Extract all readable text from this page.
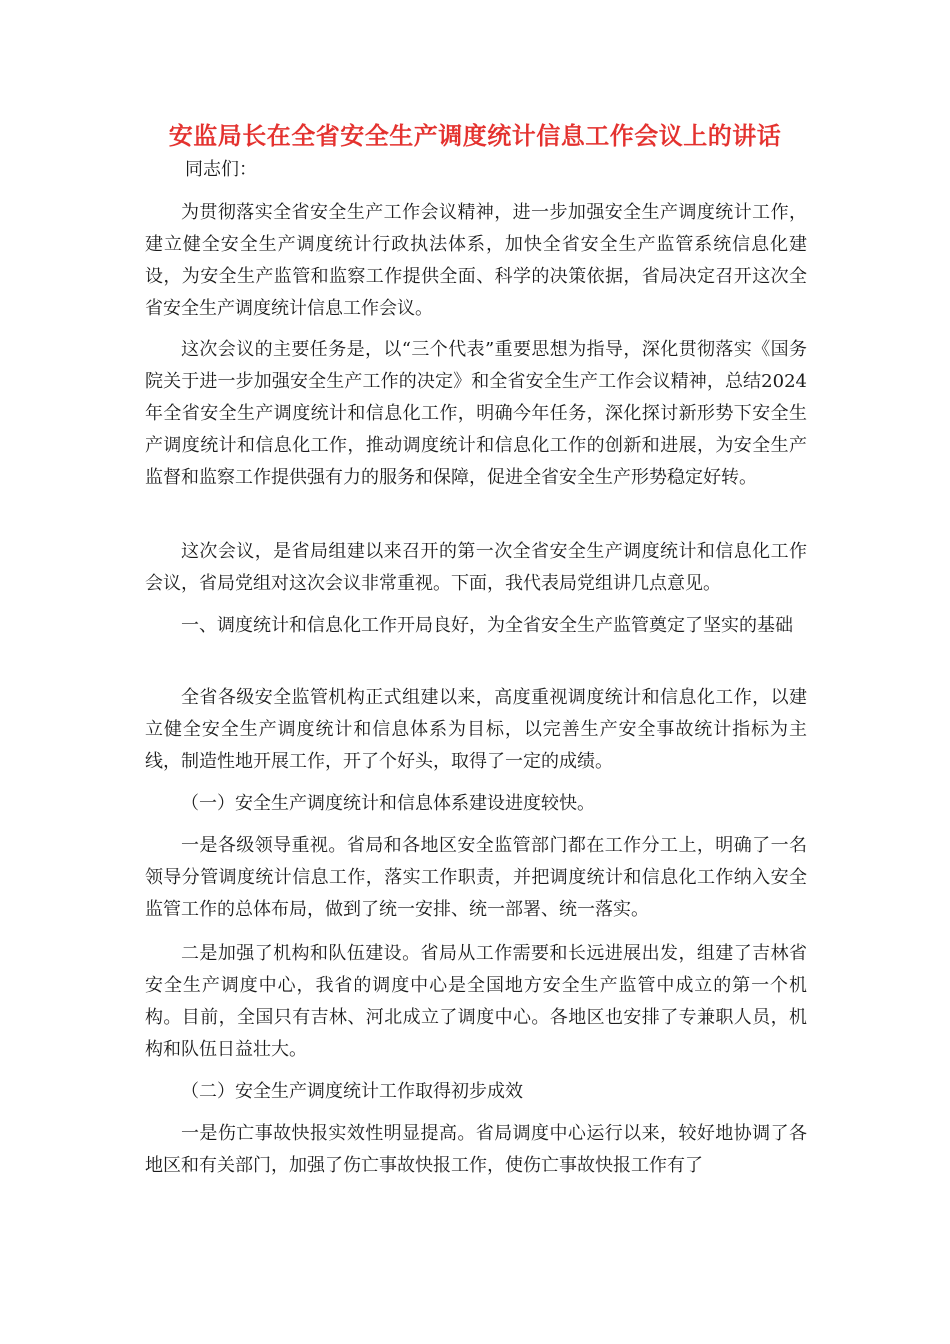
安监局长在全省安全生产调度统计信息工作会议上的讲话
同志们：

为贯彻落实全省安全生产工作会议精神，进一步加强安全生产调度统计工作，建立健全安全生产调度统计行政执法体系，加快全省安全生产监管系统信息化建设，为安全生产监管和监察工作提供全面、科学的决策依据，省局决定召开这次全省安全生产调度统计信息工作会议。

这次会议的主要任务是，以“三个代表”重要思想为指导，深化贯彻落实《国务院关于进一步加强安全生产工作的决定》和全省安全生产工作会议精神，总结2024年全省安全生产调度统计和信息化工作，明确今年任务，深化探讨新形势下安全生产调度统计和信息化工作，推动调度统计和信息化工作的创新和进展，为安全生产监督和监察工作提供强有力的服务和保障，促进全省安全生产形势稳定好转。

这次会议，是省局组建以来召开的第一次全省安全生产调度统计和信息化工作会议，省局党组对这次会议非常重视。下面，我代表局党组讲几点意见。

一、调度统计和信息化工作开局良好，为全省安全生产监管奠定了坚实的基础

全省各级安全监管机构正式组建以来，高度重视调度统计和信息化工作，以建立健全安全生产调度统计和信息体系为目标，以完善生产安全事故统计指标为主线，制造性地开展工作，开了个好头，取得了一定的成绩。

（一）安全生产调度统计和信息体系建设进度较快。

一是各级领导重视。省局和各地区安全监管部门都在工作分工上，明确了一名领导分管调度统计信息工作，落实工作职责，并把调度统计和信息化工作纳入安全监管工作的总体布局，做到了统一安排、统一部署、统一落实。

二是加强了机构和队伍建设。省局从工作需要和长远进展出发，组建了吉林省安全生产调度中心，我省的调度中心是全国地方安全生产监管中成立的第一个机构。目前，全国只有吉林、河北成立了调度中心。各地区也安排了专兼职人员，机构和队伍日益壮大。

（二）安全生产调度统计工作取得初步成效

一是伤亡事故快报实效性明显提高。省局调度中心运行以来，较好地协调了各地区和有关部门，加强了伤亡事故快报工作，使伤亡事故快报工作有了
